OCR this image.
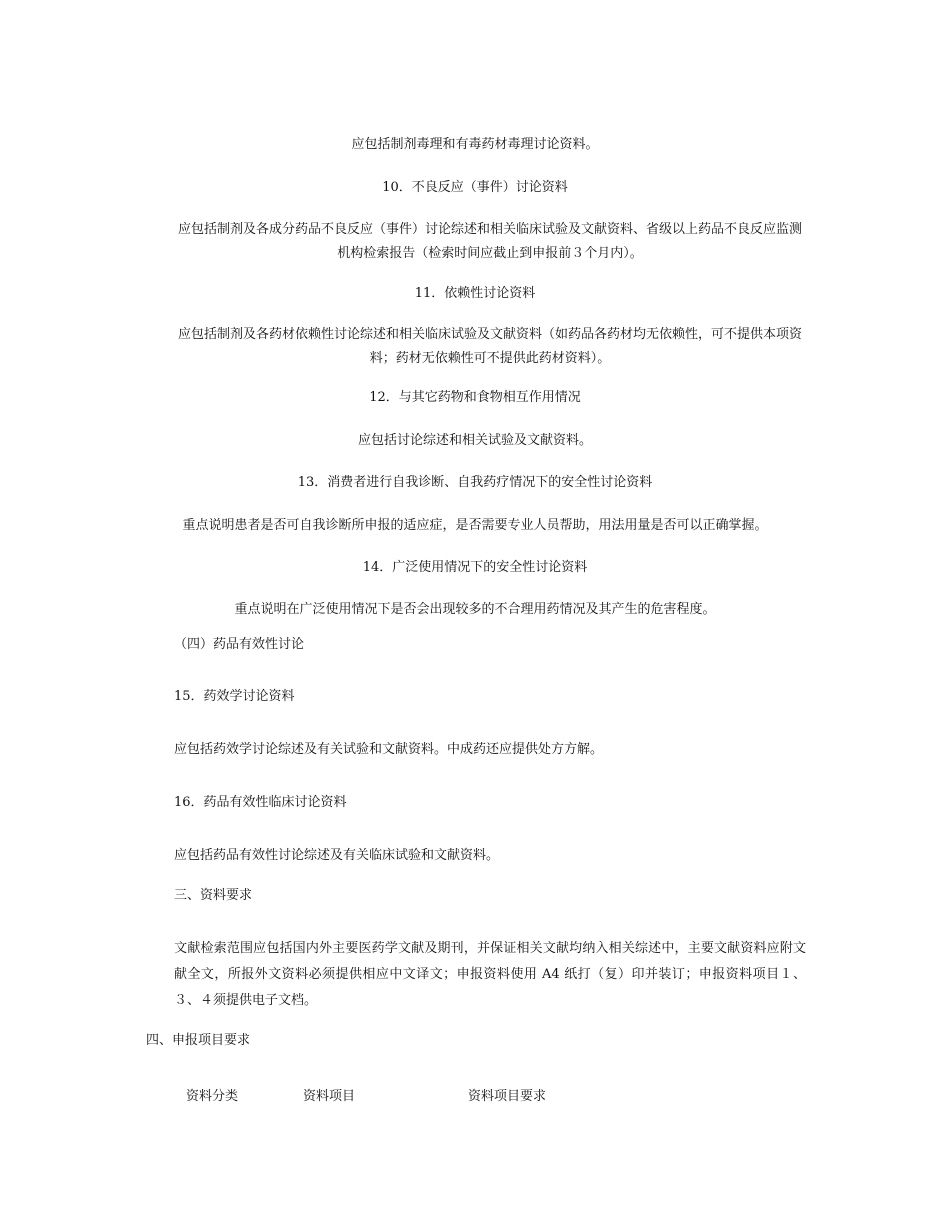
应包括制剂毒理和有毒药材毒理讨论资料。
10．不良反应（事件）讨论资料
应包括制剂及各成分药品不良反应（事件）讨论综述和相关临床试验及文献资料、省级以上药品不良反应监测机构检索报告（检索时间应截止到申报前３个月内）。
11．依赖性讨论资料
应包括制剂及各药材依赖性讨论综述和相关临床试验及文献资料（如药品各药材均无依赖性，可不提供本项资料；药材无依赖性可不提供此药材资料）。
12．与其它药物和食物相互作用情况
应包括讨论综述和相关试验及文献资料。
13．消费者进行自我诊断、自我药疗情况下的安全性讨论资料
重点说明患者是否可自我诊断所申报的适应症，是否需要专业人员帮助，用法用量是否可以正确掌握。
14．广泛使用情况下的安全性讨论资料
重点说明在广泛使用情况下是否会出现较多的不合理用药情况及其产生的危害程度。
（四）药品有效性讨论
15．药效学讨论资料
应包括药效学讨论综述及有关试验和文献资料。中成药还应提供处方方解。
16．药品有效性临床讨论资料
应包括药品有效性讨论综述及有关临床试验和文献资料。
三、资料要求
文献检索范围应包括国内外主要医药学文献及期刊，并保证相关文献均纳入相关综述中，主要文献资料应附文献全文，所报外文资料必须提供相应中文译文；申报资料使用 A4 纸打（复）印并装订；申报资料项目１、３、４须提供电子文档。
四、申报项目要求
资料分类	资料项目	资料项目要求
